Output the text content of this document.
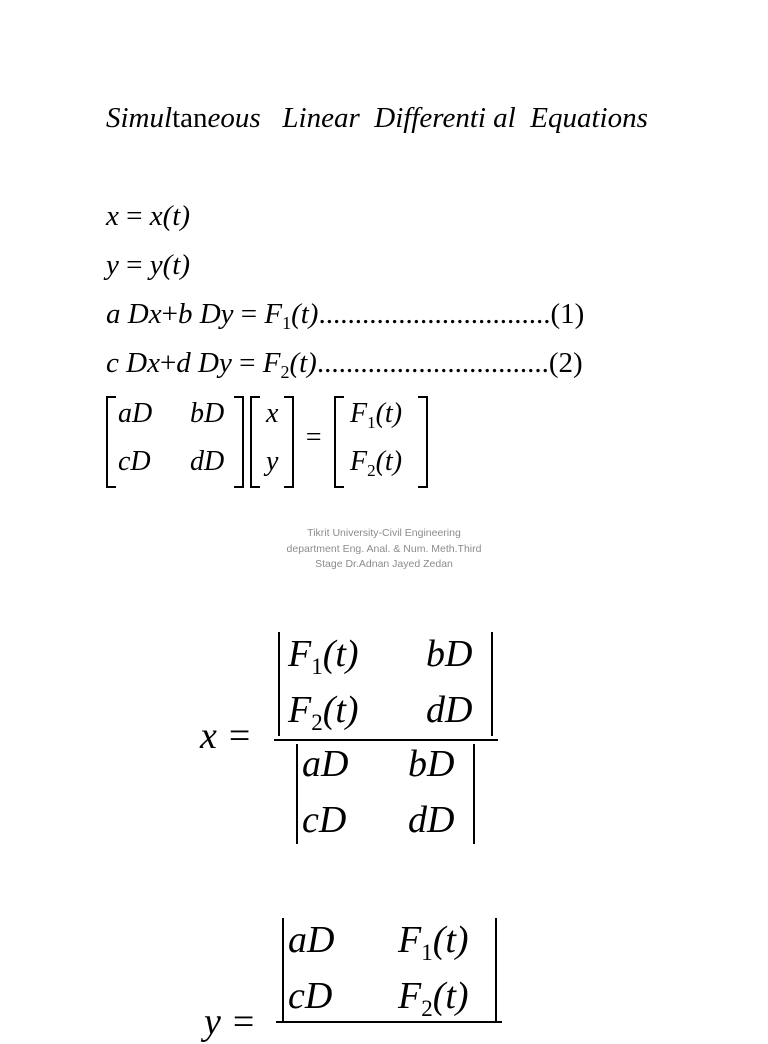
Simultaneous   Linear  Differenti al  Equations
x = x(t)
y = y(t)
a Dx+b $Dy = F_1(t)................................(1)$
c Dx+d $Dy = F_2(t)................................(2)$
aD bD
cD dD
x
y
=
$F_1(t)$
$F_2(t)$
Tikrit University-Civil Engineering
department Eng. Anal. & Num. Meth.Third
Stage Dr.Adnan Jayed Zedan
x =
$F_1(t)$ bD
$F_2(t)$ dD
aD bD
cD dD
aD $F_1(t)$
cD $F_2(t)$
y =
